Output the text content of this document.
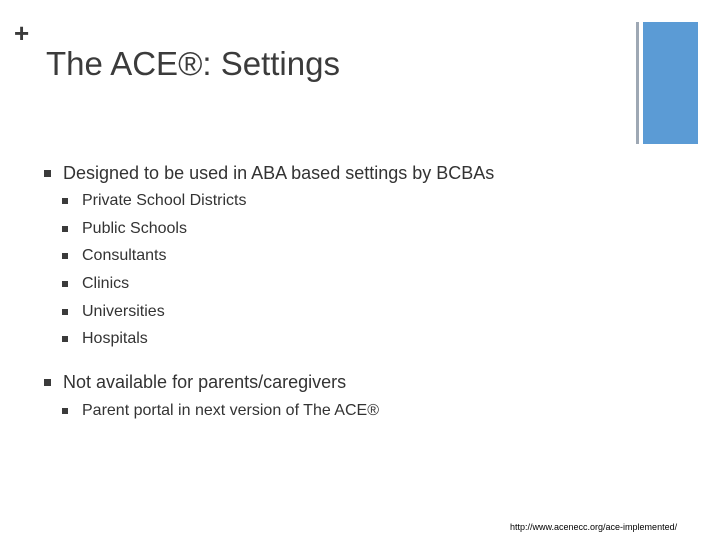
+
The ACE®: Settings
Designed to be used in ABA based settings by BCBAs
Private School Districts
Public Schools
Consultants
Clinics
Universities
Hospitals
Not available for parents/caregivers
Parent portal in next version of The ACE®
http://www.acenecc.org/ace-implemented/
